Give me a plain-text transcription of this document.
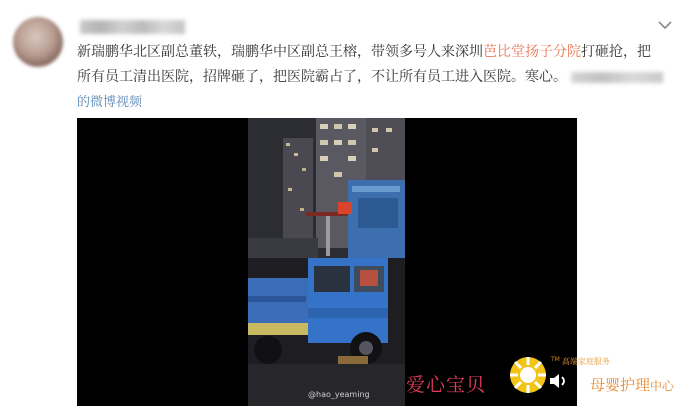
新瑞鹏华北区副总董轶，瑞鹏华中区副总王榕，带领多号人来深圳芭比堂扬子分院打砸抢，把
所有员工清出医院，招牌砸了，把医院霸占了，不让所有员工进入医院。寒心。
的微博视频
@hao_yeaming 爱心宝贝
™ 高端家庭服务
母婴护理中心
